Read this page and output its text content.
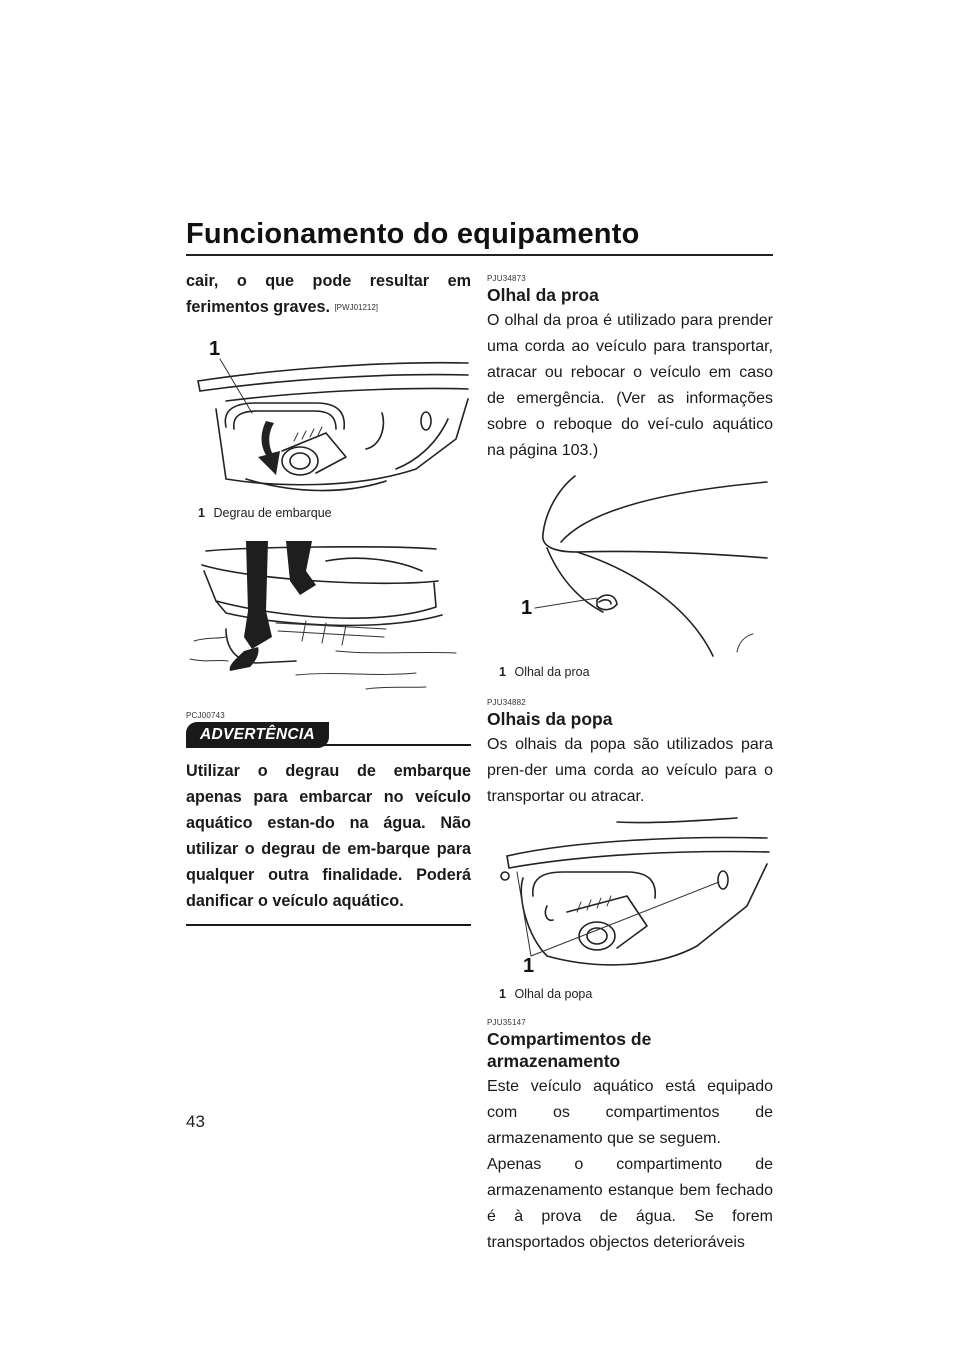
Funcionamento do equipamento

cair, o que pode resultar em ferimentos graves. [PWJ01212]

1

1 Degrau de embarque

PCJ00743

ADVERTÊNCIA

Utilizar o degrau de embarque apenas para embarcar no veículo aquático estan-do na água. Não utilizar o degrau de em-barque para qualquer outra finalidade. Poderá danificar o veículo aquático.

PJU34873

Olhal da proa

O olhal da proa é utilizado para prender uma corda ao veículo para transportar, atracar ou rebocar o veículo em caso de emergência. (Ver as informações sobre o reboque do veí-culo aquático na página 103.)

1

1 Olhal da proa

PJU34882

Olhais da popa

Os olhais da popa são utilizados para pren-der uma corda ao veículo para o transportar ou atracar.

1

1 Olhal da popa

PJU35147

Compartimentos de armazenamento

Este veículo aquático está equipado com os compartimentos de armazenamento que se seguem.

Apenas o compartimento de armazenamento estanque bem fechado é à prova de água. Se forem transportados objectos deterioráveis

43
